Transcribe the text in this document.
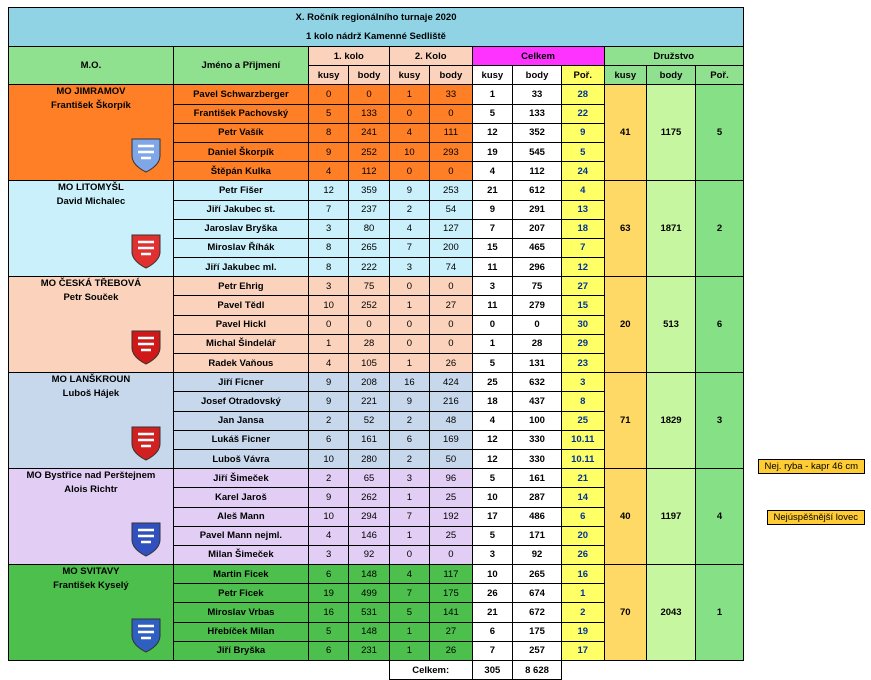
X. Ročník regionálního turnaje 2020
1 kolo nádrž Kamenné Sedliště											

M.O.	Jméno a Přijmení	1. kolo		2. Kolo		Celkem			Družstvo		
		kusy	body	kusy	body	kusy	body	Poř.	kusy	body	Poř.

MO JIMRAMOV
František Škorpík	Pavel Schwarzberger	0	0	1	33	1	33	28	41	1175	5
	František Pachovský	5	133	0	0	5	133	22			
	Petr Vašík	8	241	4	111	12	352	9			
	Daniel Škorpík	9	252	10	293	19	545	5			
	Štěpán Kulka	4	112	0	0	4	112	24			

MO LITOMYŠL
David Michalec	Petr Fišer	12	359	9	253	21	612	4	63	1871	2
	Jiří Jakubec st.	7	237	2	54	9	291	13			
	Jaroslav Bryška	3	80	4	127	7	207	18			
	Miroslav Říhák	8	265	7	200	15	465	7			
	Jiří Jakubec ml.	8	222	3	74	11	296	12			

MO ČESKÁ TŘEBOVÁ
Petr Souček	Petr Ehrig	3	75	0	0	3	75	27	20	513	6
	Pavel Tědl	10	252	1	27	11	279	15			
	Pavel Hickl	0	0	0	0	0	0	30			
	Michal Šindelář	1	28	0	0	1	28	29			
	Radek Vaňous	4	105	1	26	5	131	23			

MO LANŠKROUN
Luboš Hájek	Jiří Ficner	9	208	16	424	25	632	3	71	1829	3
	Josef Otradovský	9	221	9	216	18	437	8			
	Jan Jansa	2	52	2	48	4	100	25			
	Lukáš Ficner	6	161	6	169	12	330	10.11			
	Luboš Vávra	10	280	2	50	12	330	10.11			

MO Bystřice nad Perštejnem
Alois Richtr	Jiří Šimeček	2	65	3	96	5	161	21	40	1197	4
	Karel Jaroš	9	262	1	25	10	287	14			
	Aleš Mann	10	294	7	192	17	486	6			
	Pavel Mann nejml.	4	146	1	25	5	171	20			
	Milan Šimeček	3	92	0	0	3	92	26			

MO SVITAVY
František Kyselý	Martin Ficek	6	148	4	117	10	265	16	70	2043	1
	Petr Ficek	19	499	7	175	26	674	1			
	Miroslav Vrbas	16	531	5	141	21	672	2			
	Hřebíček Milan	5	148	1	27	6	175	19			
	Jiří Bryška	6	231	1	26	7	257	17			
				Celkem:		305	8 628				
Nej. ryba - kapr 46 cm
Nejúspěšnější lovec
